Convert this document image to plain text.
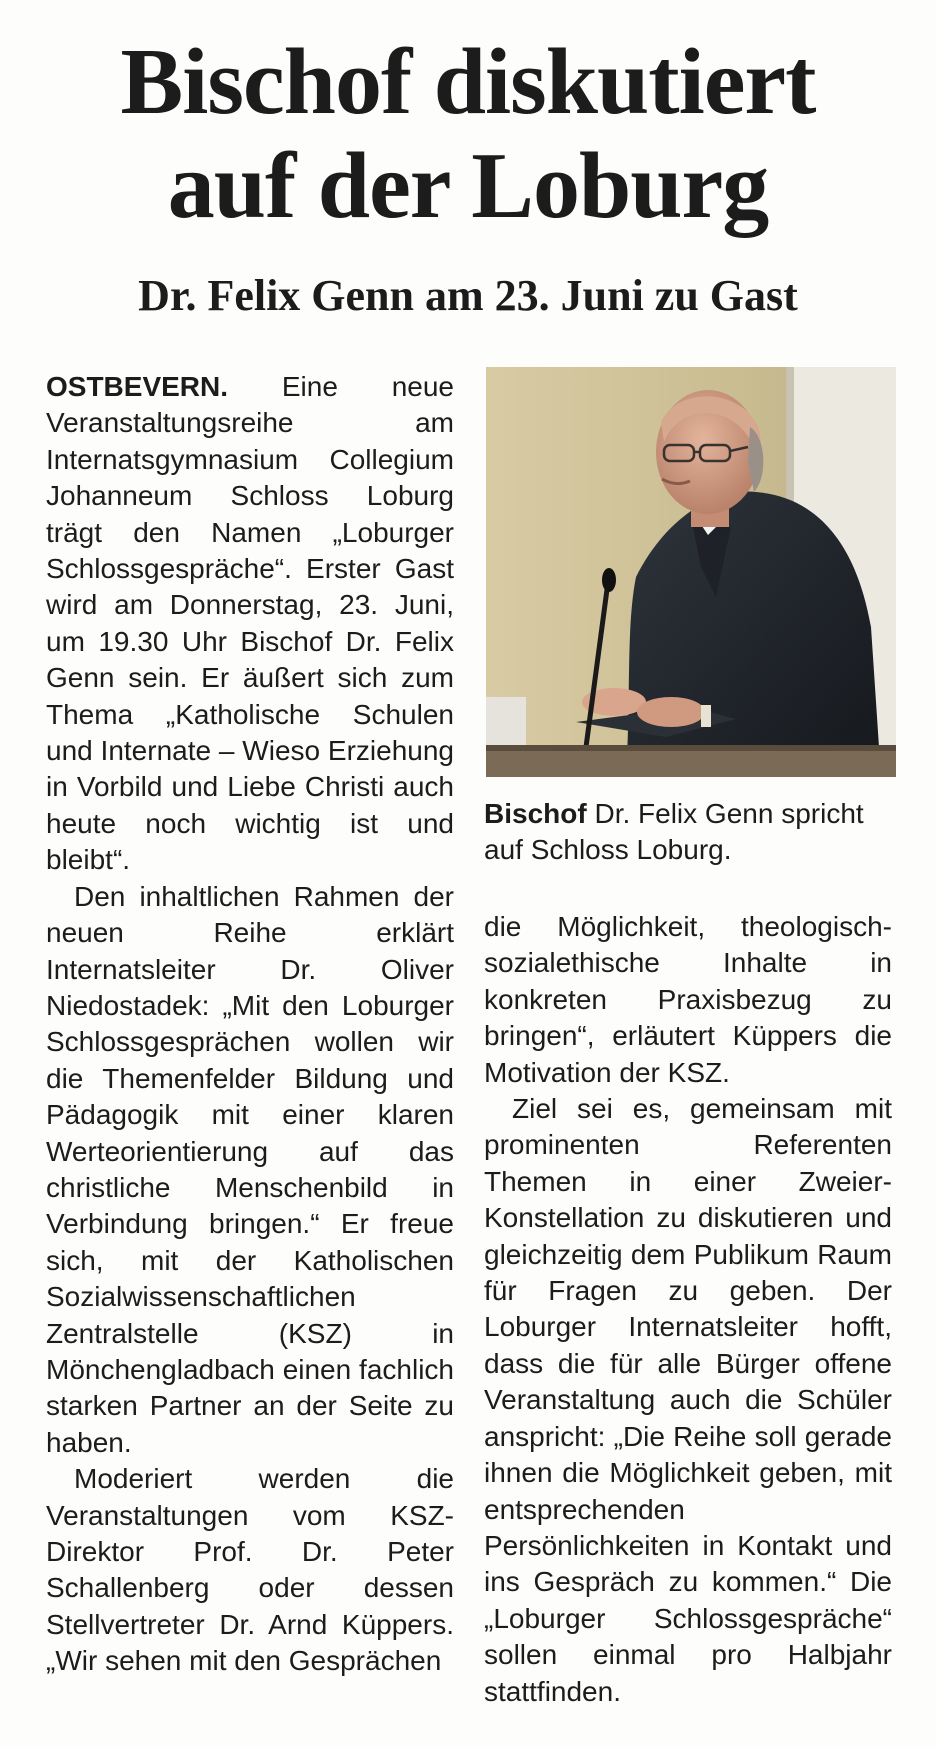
Bischof diskutiert
auf der Loburg
Dr. Felix Genn am 23. Juni zu Gast

OSTBEVERN. Eine neue Veranstaltungsreihe am Internatsgymnasium Collegium Johanneum Schloss Loburg trägt den Namen „Loburger Schlossgespräche“. Erster Gast wird am Donnerstag, 23. Juni, um 19.30 Uhr Bischof Dr. Felix Genn sein. Er äußert sich zum Thema „Katholische Schulen und Internate – Wieso Erziehung in Vorbild und Liebe Christi auch heute noch wichtig ist und bleibt“.

Den inhaltlichen Rahmen der neuen Reihe erklärt Internatsleiter Dr. Oliver Niedostadek: „Mit den Loburger Schlossgesprächen wollen wir die Themenfelder Bildung und Pädagogik mit einer klaren Werteorientierung auf das christliche Menschenbild in Verbindung bringen.“ Er freue sich, mit der Katholischen Sozialwissenschaftlichen Zentralstelle (KSZ) in Mönchengladbach einen fachlich starken Partner an der Seite zu haben.

Moderiert werden die Veranstaltungen vom KSZ-Direktor Prof. Dr. Peter Schallenberg oder dessen Stellvertreter Dr. Arnd Küppers. „Wir sehen mit den Gesprächen

Bischof Dr. Felix Genn spricht auf Schloss Loburg.

die Möglichkeit, theologisch-sozialethische Inhalte in konkreten Praxisbezug zu bringen“, erläutert Küppers die Motivation der KSZ.

Ziel sei es, gemeinsam mit prominenten Referenten Themen in einer Zweier-Konstellation zu diskutieren und gleichzeitig dem Publikum Raum für Fragen zu geben. Der Loburger Internatsleiter hofft, dass die für alle Bürger offene Veranstaltung auch die Schüler anspricht: „Die Reihe soll gerade ihnen die Möglichkeit geben, mit entsprechenden Persönlichkeiten in Kontakt und ins Gespräch zu kommen.“ Die „Loburger Schlossgespräche“ sollen einmal pro Halbjahr stattfinden.
